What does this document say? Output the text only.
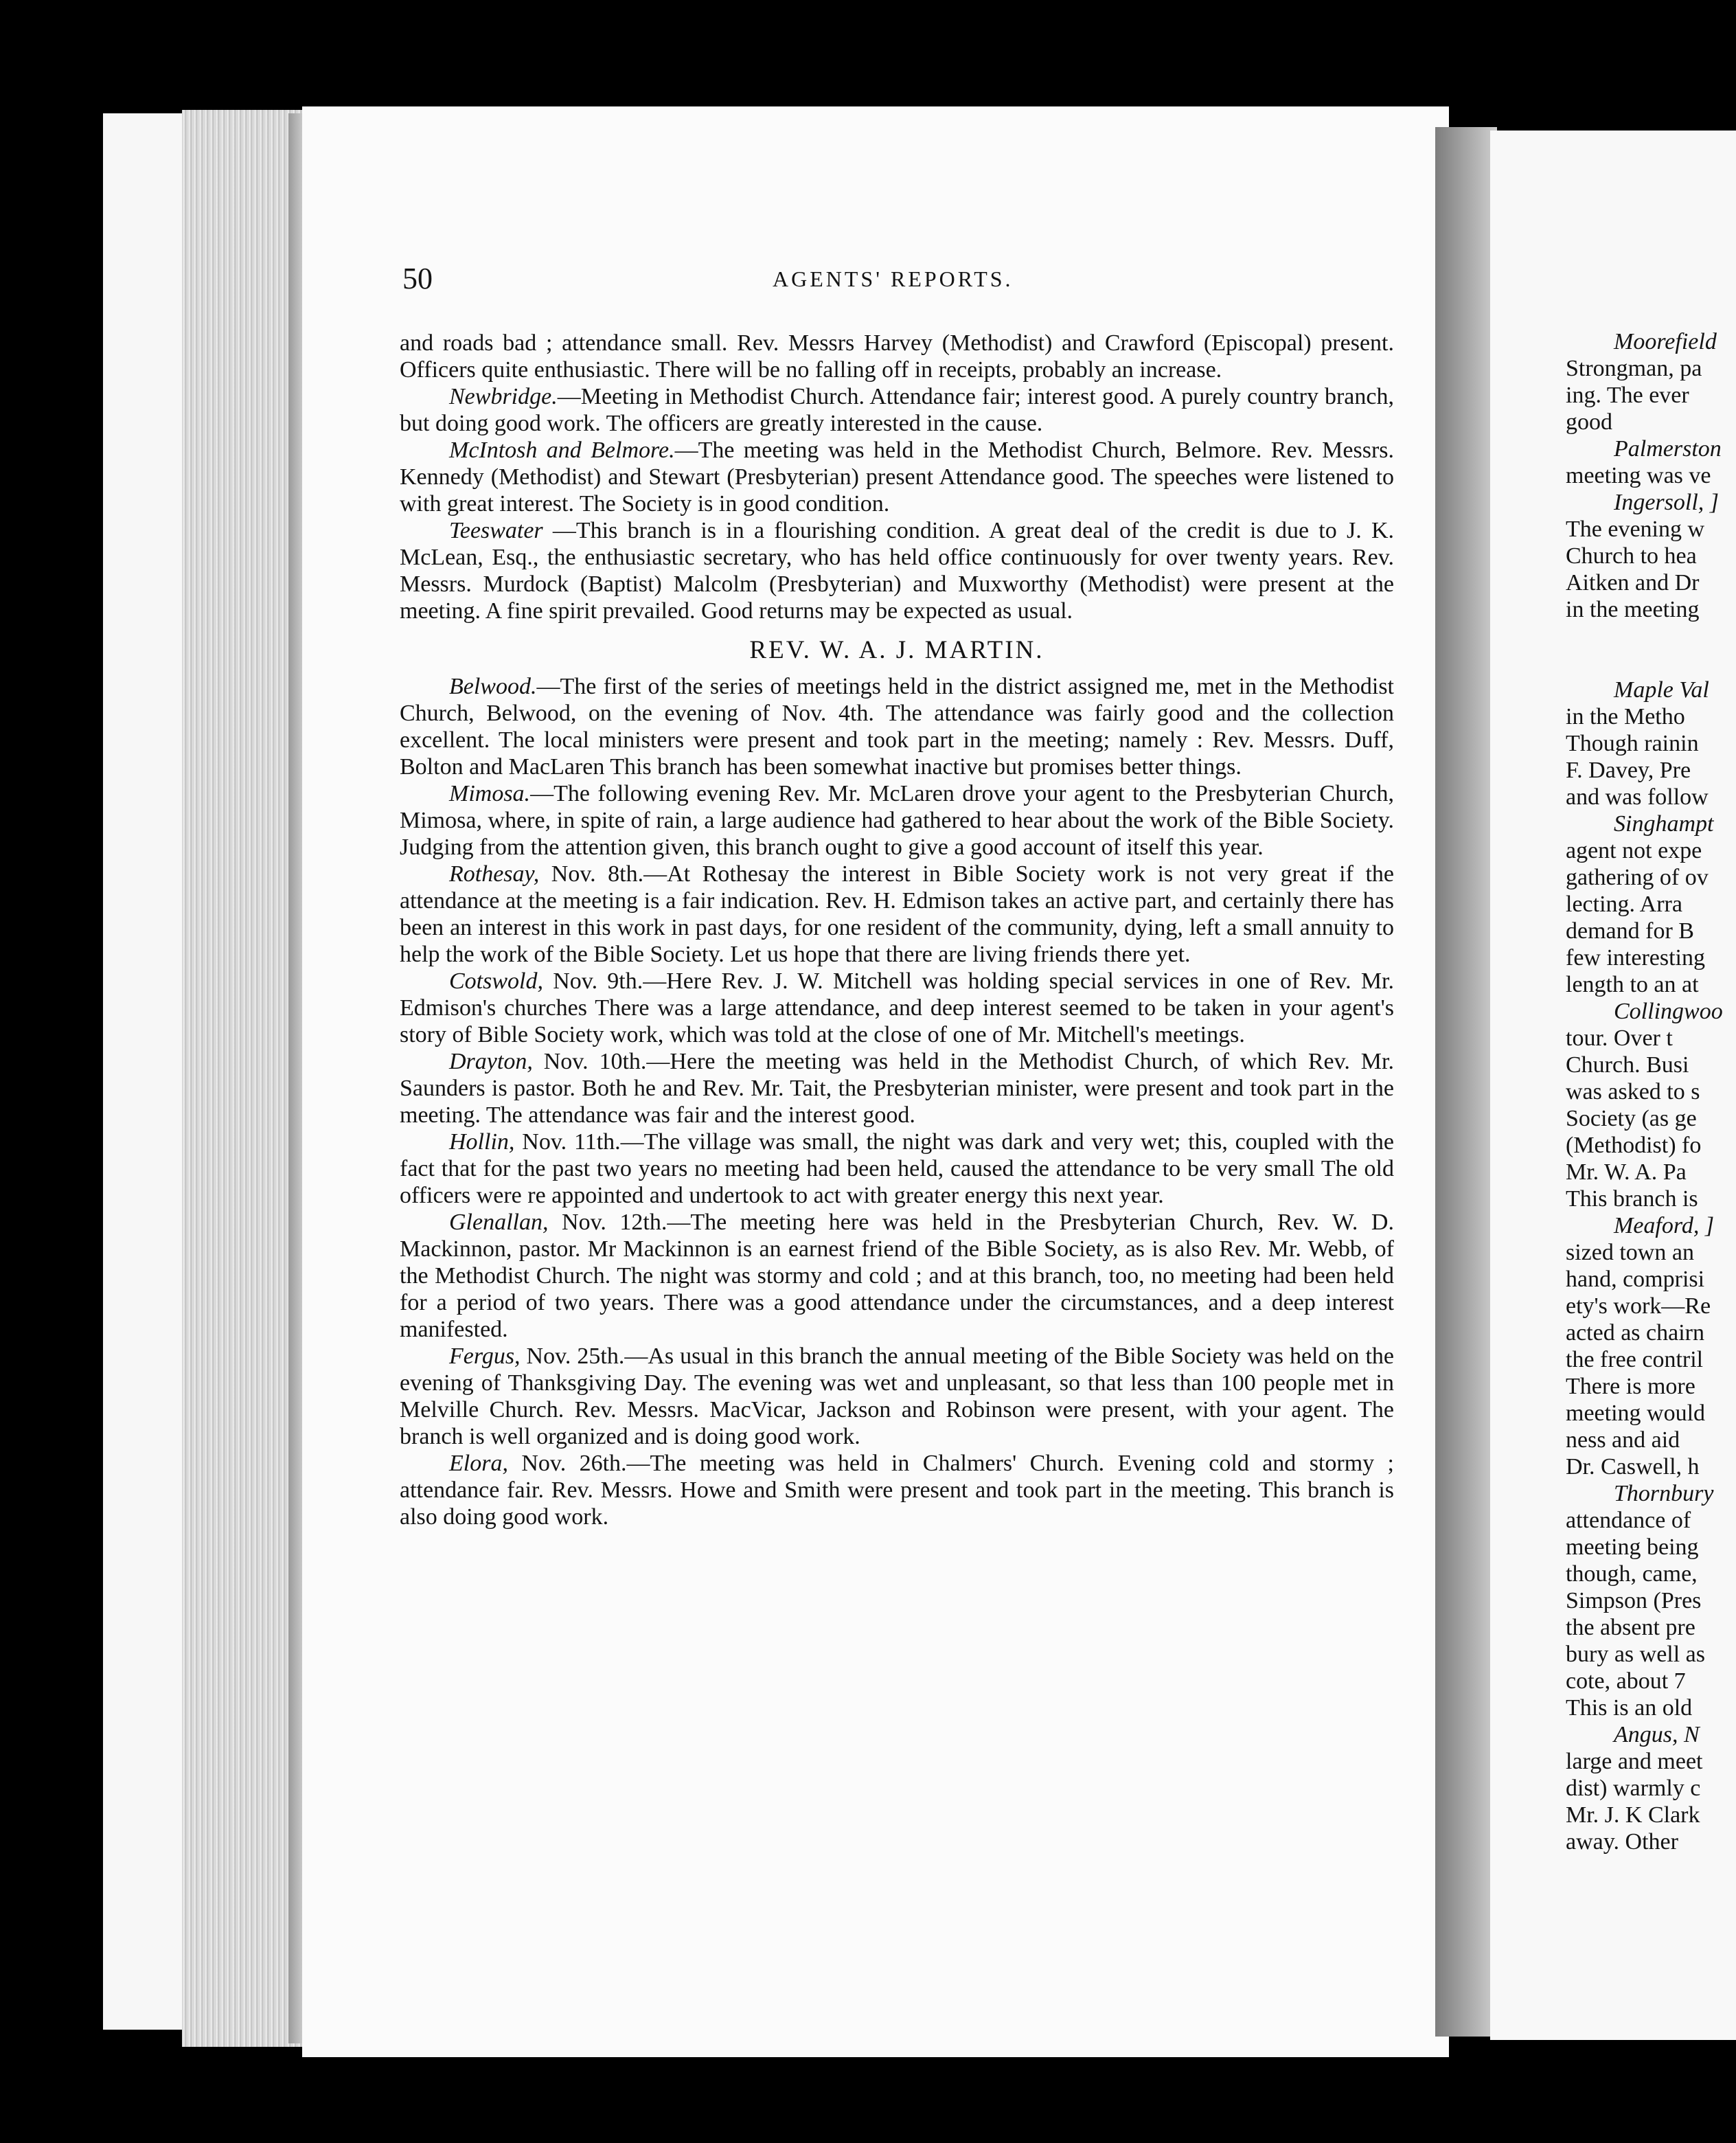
50	AGENTS' REPORTS.

and roads bad ; attendance small. Rev. Messrs Harvey (Methodist) and Crawford (Episcopal) present. Officers quite enthusiastic. There will be no falling off in receipts, probably an increase.

Newbridge.—Meeting in Methodist Church. Attendance fair; interest good. A purely country branch, but doing good work. The officers are greatly interested in the cause.

McIntosh and Belmore.—The meeting was held in the Methodist Church, Belmore. Rev. Messrs. Kennedy (Methodist) and Stewart (Presbyterian) present Attendance good. The speeches were listened to with great interest. The Society is in good condition.

Teeswater —This branch is in a flourishing condition. A great deal of the credit is due to J. K. McLean, Esq., the enthusiastic secretary, who has held office continuously for over twenty years. Rev. Messrs. Murdock (Baptist) Malcolm (Presbyterian) and Muxworthy (Methodist) were present at the meeting. A fine spirit prevailed. Good returns may be expected as usual.

REV. W. A. J. MARTIN.

Belwood.—The first of the series of meetings held in the district assigned me, met in the Methodist Church, Belwood, on the evening of Nov. 4th. The attendance was fairly good and the collection excellent. The local ministers were present and took part in the meeting; namely : Rev. Messrs. Duff, Bolton and MacLaren This branch has been somewhat inactive but promises better things.

Mimosa.—The following evening Rev. Mr. McLaren drove your agent to the Presbyterian Church, Mimosa, where, in spite of rain, a large audience had gathered to hear about the work of the Bible Society. Judging from the attention given, this branch ought to give a good account of itself this year.

Rothesay, Nov. 8th.—At Rothesay the interest in Bible Society work is not very great if the attendance at the meeting is a fair indication. Rev. H. Edmison takes an active part, and certainly there has been an interest in this work in past days, for one resident of the community, dying, left a small annuity to help the work of the Bible Society. Let us hope that there are living friends there yet.

Cotswold, Nov. 9th.—Here Rev. J. W. Mitchell was holding special services in one of Rev. Mr. Edmison's churches There was a large attendance, and deep interest seemed to be taken in your agent's story of Bible Society work, which was told at the close of one of Mr. Mitchell's meetings.

Drayton, Nov. 10th.—Here the meeting was held in the Methodist Church, of which Rev. Mr. Saunders is pastor. Both he and Rev. Mr. Tait, the Presbyterian minister, were present and took part in the meeting. The attendance was fair and the interest good.

Hollin, Nov. 11th.—The village was small, the night was dark and very wet; this, coupled with the fact that for the past two years no meeting had been held, caused the attendance to be very small The old officers were re appointed and undertook to act with greater energy this next year.

Glenallan, Nov. 12th.—The meeting here was held in the Presbyterian Church, Rev. W. D. Mackinnon, pastor. Mr Mackinnon is an earnest friend of the Bible Society, as is also Rev. Mr. Webb, of the Methodist Church. The night was stormy and cold ; and at this branch, too, no meeting had been held for a period of two years. There was a good attendance under the circumstances, and a deep interest manifested.

Fergus, Nov. 25th.—As usual in this branch the annual meeting of the Bible Society was held on the evening of Thanksgiving Day. The evening was wet and unpleasant, so that less than 100 people met in Melville Church. Rev. Messrs. MacVicar, Jackson and Robinson were present, with your agent. The branch is well organized and is doing good work.

Elora, Nov. 26th.—The meeting was held in Chalmers' Church. Evening cold and stormy ; attendance fair. Rev. Messrs. Howe and Smith were present and took part in the meeting. This branch is also doing good work.

Moorefield
Strongman, pa
ing. The ever
good
Palmerston
meeting was ve
Ingersoll, ]
The evening w
Church to hea
Aitken and Dr
in the meeting
Maple Val
in the Metho
Though rainin
F. Davey, Pre
and was follow
Singhampt
agent not expe
gathering of ov
lecting. Arra
demand for B
few interesting
length to an at
Collingwoo
tour. Over t
Church. Busi
was asked to s
Society (as ge
(Methodist) fo
Mr. W. A. Pa
This branch is
Meaford, ]
sized town an
hand, comprisi
ety's work—Re
acted as chairn
the free contril
There is more
meeting would
ness and aid
Dr. Caswell, h
Thornbury
attendance of
meeting being
though, came,
Simpson (Pres
the absent pre
bury as well as
cote, about 7
This is an old
Angus, N
large and meet
dist) warmly c
Mr. J. K Clark
away. Other
